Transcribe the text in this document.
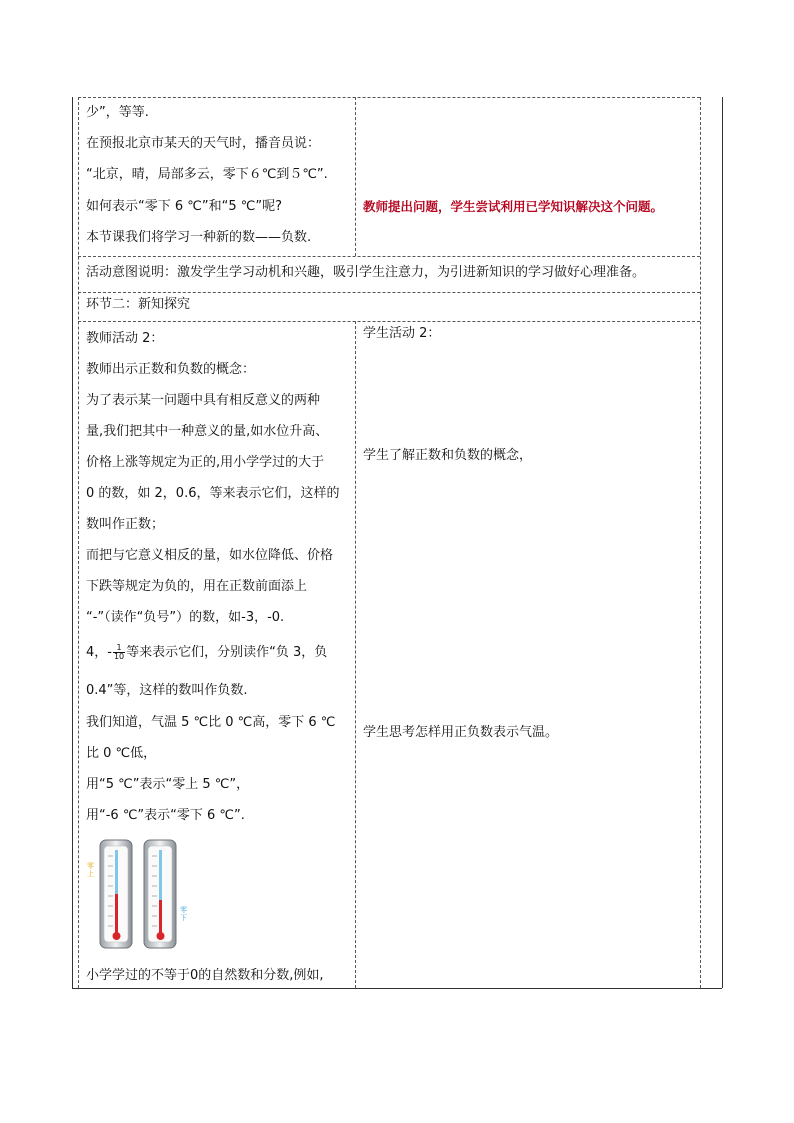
少”，等等.
在预报北京市某天的天气时，播音员说：
“北京，晴，局部多云，零下６℃到５℃”.
如何表示“零下 6 ℃”和“5 ℃”呢?
本节课我们将学习一种新的数——负数.
教师提出问题，学生尝试利用已学知识解决这个问题。
活动意图说明：激发学生学习动机和兴趣，吸引学生注意力，为引进新知识的学习做好心理准备。
环节二：新知探究
教师活动 2：
教师出示正数和负数的概念：
为了表示某一问题中具有相反意义的两种
量,我们把其中一种意义的量,如水位升高、
价格上涨等规定为正的,用小学学过的大于
0 的数，如 2，0.6，等来表示它们，这样的
数叫作正数；
而把与它意义相反的量，如水位降低、价格
下跌等规定为负的，用在正数前面添上
“-”（读作“负号”）的数，如-3，-0.
4，- $\frac{1}{10}$ 等来表示它们，分别读作“负 3，负
0.4”等，这样的数叫作负数.
我们知道，气温 5 ℃比 0 ℃高，零下 6 ℃
比 0 ℃低，
用“5 ℃”表示“零上 5 ℃”，
用“-6 ℃”表示“零下 6 ℃”.
零上
零下
小学学过的不等于0的自然数和分数,例如,
学生活动 2：
学生了解正数和负数的概念，
学生思考怎样用正负数表示气温。
